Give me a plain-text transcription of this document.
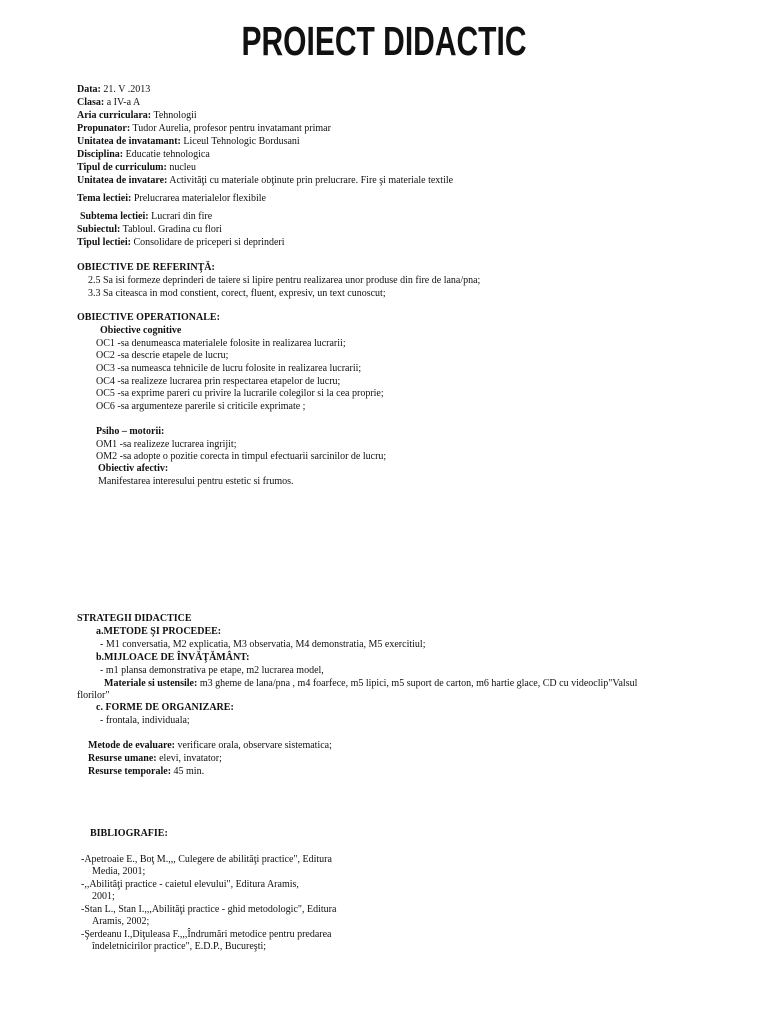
PROIECT DIDACTIC
Data: 21. V .2013
Clasa: a IV-a A
Aria curriculara: Tehnologii
Propunator: Tudor Aurelia, profesor pentru invatamant primar
Unitatea de invatamant: Liceul Tehnologic Bordusani
Disciplina: Educatie tehnologica
Tipul de curriculum: nucleu
Unitatea de invatare: Activităţi cu materiale obţinute prin prelucrare. Fire şi materiale textile
Tema lectiei: Prelucrarea materialelor flexibile
Subtema lectiei: Lucrari din fire
Subiectul: Tabloul. Gradina cu flori
Tipul lectiei: Consolidare de priceperi si deprinderi
OBIECTIVE DE REFERINŢĂ:
2.5 Sa isi formeze deprinderi de taiere si lipire pentru realizarea unor produse din fire de lana/pna;
3.3 Sa citeasca in mod constient, corect, fluent, expresiv, un text cunoscut;
OBIECTIVE OPERATIONALE:
Obiective cognitive
OC1 -sa denumeasca materialele folosite in realizarea lucrarii;
OC2 -sa descrie etapele de lucru;
OC3 -sa numeasca tehnicile de lucru folosite in realizarea lucrarii;
OC4 -sa realizeze lucrarea prin respectarea etapelor de lucru;
OC5 -sa exprime pareri cu privire la lucrarile colegilor si la cea proprie;
OC6 -sa argumenteze parerile si criticile exprimate ;
Psiho – motorii:
OM1 -sa realizeze lucrarea ingrijit;
OM2 -sa adopte o pozitie corecta in timpul efectuarii sarcinilor de lucru;
Obiectiv afectiv:
Manifestarea interesului pentru estetic si frumos.
STRATEGII DIDACTICE
a.METODE ŞI PROCEDEE:
- M1 conversatia, M2 explicatia, M3 observatia, M4 demonstratia, M5 exercitiul;
b.MIJLOACE DE ÎNVĂŢĂMÂNT:
- m1 plansa demonstrativa pe etape, m2 lucrarea model,
Materiale si ustensile: m3 gheme de lana/pna , m4 foarfece, m5 lipici, m5 suport de carton, m6 hartie glace, CD cu videoclip"Valsul
florilor"
c. FORME DE ORGANIZARE:
- frontala, individuala;
Metode de evaluare: verificare orala, observare sistematica;
Resurse umane: elevi, invatator;
Resurse temporale: 45 min.
BIBLIOGRAFIE:
-Apetroaie E., Boţ M.,,, Culegere de abilităţi practice", Editura
Media, 2001;
-,,Abilităţi practice - caietul elevului", Editura Aramis,
2001;
-Stan L., Stan I.,,,Abilităţi practice - ghid metodologic", Editura
Aramis, 2002;
-Şerdeanu I.,Diţuleasa F.,,,Îndrumări metodice pentru predarea
îndeletnicirilor practice", E.D.P., Bucureşti;
